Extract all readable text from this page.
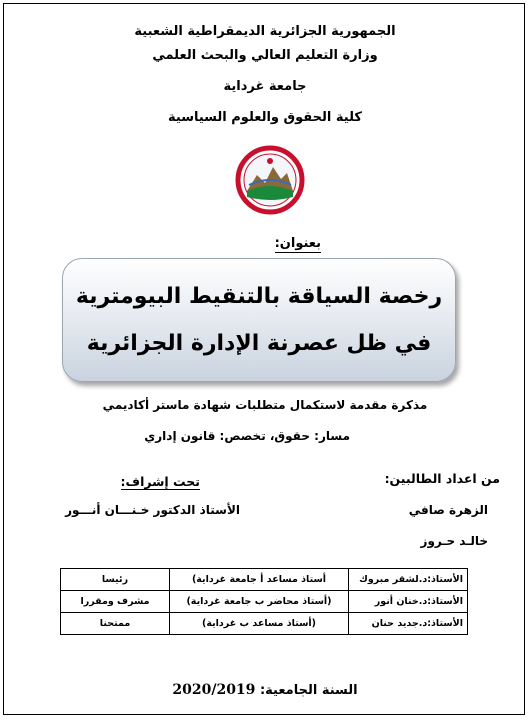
الجمهورية الجزائرية الديمقراطية الشعبية
وزارة التعليم العالي والبحث العلمي
جامعة غرداية
كلية الحقوق والعلوم السياسية
بعنوان:
رخصة السياقة بالتنقيط البيومترية
في ظل عصرنة الإدارة الجزائرية
مذكرة مقدمة لاستكمال متطلبات شهادة ماستر أكاديمي
مسار: حقوق، تخصص: قانون إداري
من اعداد الطالبين:
الزهرة صافي
خالـد حـروز
تحت إشراف:
الأستاذ الدكتور خـنـــان أنـــور
الأستاذ:د.لشقر مبروك	أستاذ مساعد أ جامعة غرداية)	رئيسا
الأستاذ:د.خنان أنور	(أستاذ محاضر ب جامعة غرداية)	مشرف ومقررا
الأستاذ:د.جديد حنان	(أستاذ مساعد ب غرداية)	ممتحنا
السنة الجامعية: 2020/2019
